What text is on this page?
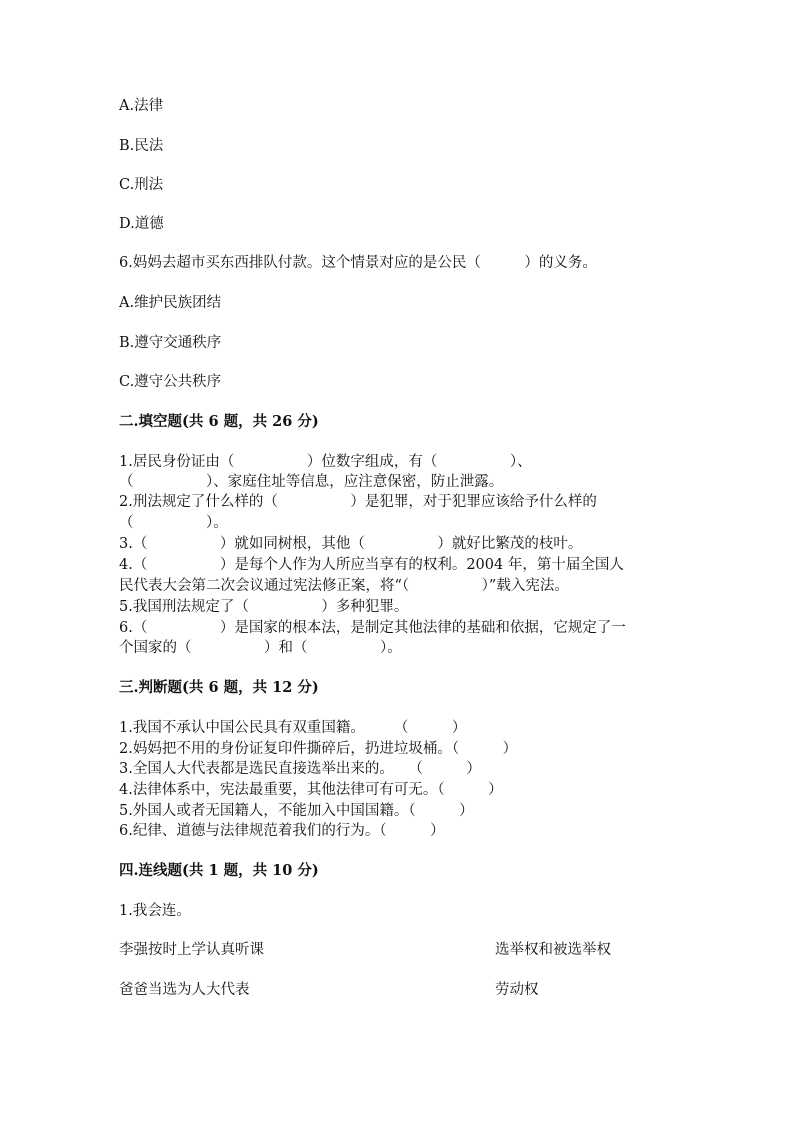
A.法律
B.民法
C.刑法
D.道德
6.妈妈去超市买东西排队付款。这个情景对应的是公民（　　　）的义务。
A.维护民族团结
B.遵守交通秩序
C.遵守公共秩序
二.填空题(共 6 题，共 26 分)
1.居民身份证由（　　　　　）位数字组成，有（　　　　　）、
（　　　　　）、家庭住址等信息，应注意保密，防止泄露。
2.刑法规定了什么样的（　　　　　）是犯罪，对于犯罪应该给予什么样的
（　　　　　）。
3.（　　　　　）就如同树根，其他（　　　　　）就好比繁茂的枝叶。
4.（　　　　　）是每个人作为人所应当享有的权利。2004 年，第十届全国人
民代表大会第二次会议通过宪法修正案，将“（　　　　　）”载入宪法。
5.我国刑法规定了（　　　　　）多种犯罪。
6.（　　　　　）是国家的根本法，是制定其他法律的基础和依据，它规定了一
个国家的（　　　　　）和（　　　　　）。
三.判断题(共 6 题，共 12 分)
1.我国不承认中国公民具有双重国籍。　　　（　　　）
2.妈妈把不用的身份证复印件撕碎后，扔进垃圾桶。（　　　）
3.全国人大代表都是选民直接选举出来的。　　（　　　）
4.法律体系中，宪法最重要，其他法律可有可无。（　　　）
5.外国人或者无国籍人，不能加入中国国籍。（　　　）
6.纪律、道德与法律规范着我们的行为。（　　　）
四.连线题(共 1 题，共 10 分)
1.我会连。
李强按时上学认真听课	选举权和被选举权
爸爸当选为人大代表	劳动权
